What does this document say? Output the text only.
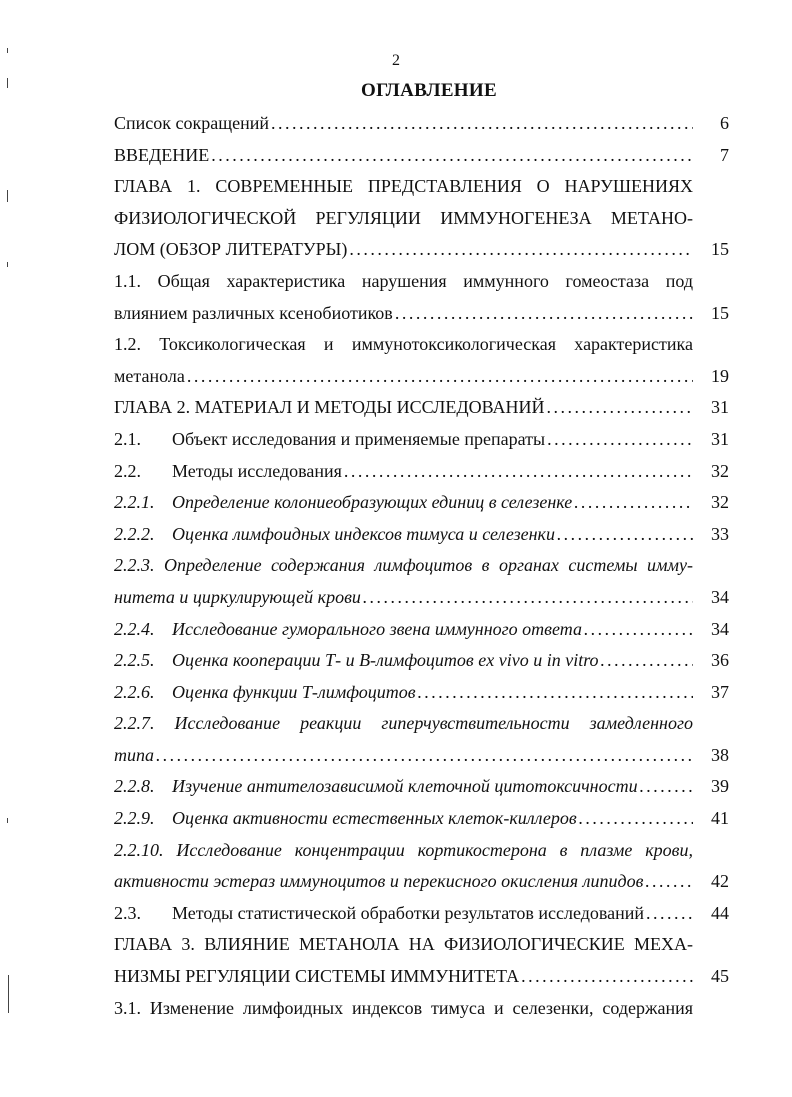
2
ОГЛАВЛЕНИЕ
Список сокращений . . .	6
ВВЕДЕНИЕ . . .	7
ГЛАВА 1. СОВРЕМЕННЫЕ ПРЕДСТАВЛЕНИЯ О НАРУШЕНИЯХ
ФИЗИОЛОГИЧЕСКОЙ РЕГУЛЯЦИИ ИММУНОГЕНЕЗА МЕТАНО-
ЛОМ (ОБЗОР ЛИТЕРАТУРЫ) . . .	15
1.1. Общая характеристика нарушения иммунного гомеостаза под
влиянием различных ксенобиотиков . . .	15
1.2. Токсикологическая и иммунотоксикологическая характеристика
метанола . . .	19
ГЛАВА 2. МАТЕРИАЛ И МЕТОДЫ ИССЛЕДОВАНИЙ . . .	31
2.1. Объект исследования и применяемые препараты . . .	31
2.2. Методы исследования . . .	32
2.2.1. Определение колониеобразующих единиц в селезенке . . .	32
2.2.2. Оценка лимфоидных индексов тимуса и селезенки . . .	33
2.2.3. Определение содержания лимфоцитов в органах системы имму-
нитета и циркулирующей крови . . .	34
2.2.4. Исследование гуморального звена иммунного ответа . . .	34
2.2.5. Оценка кооперации Т- и В-лимфоцитов ex vivo и in vitro . . .	36
2.2.6. Оценка функции Т-лимфоцитов . . .	37
2.2.7. Исследование реакции гиперчувствительности замедленного
типа . . .	38
2.2.8. Изучение антителозависимой клеточной цитотоксичности . . .	39
2.2.9. Оценка активности естественных клеток-киллеров . . .	41
2.2.10. Исследование концентрации кортикостерона в плазме крови,
активности эстераз иммуноцитов и перекисного окисления липидов . . .	42
2.3. Методы статистической обработки результатов исследований . . .	44
ГЛАВА 3. ВЛИЯНИЕ МЕТАНОЛА НА ФИЗИОЛОГИЧЕСКИЕ МЕХА-
НИЗМЫ РЕГУЛЯЦИИ СИСТЕМЫ ИММУНИТЕТА . . .	45
3.1. Изменение лимфоидных индексов тимуса и селезенки, содержания
